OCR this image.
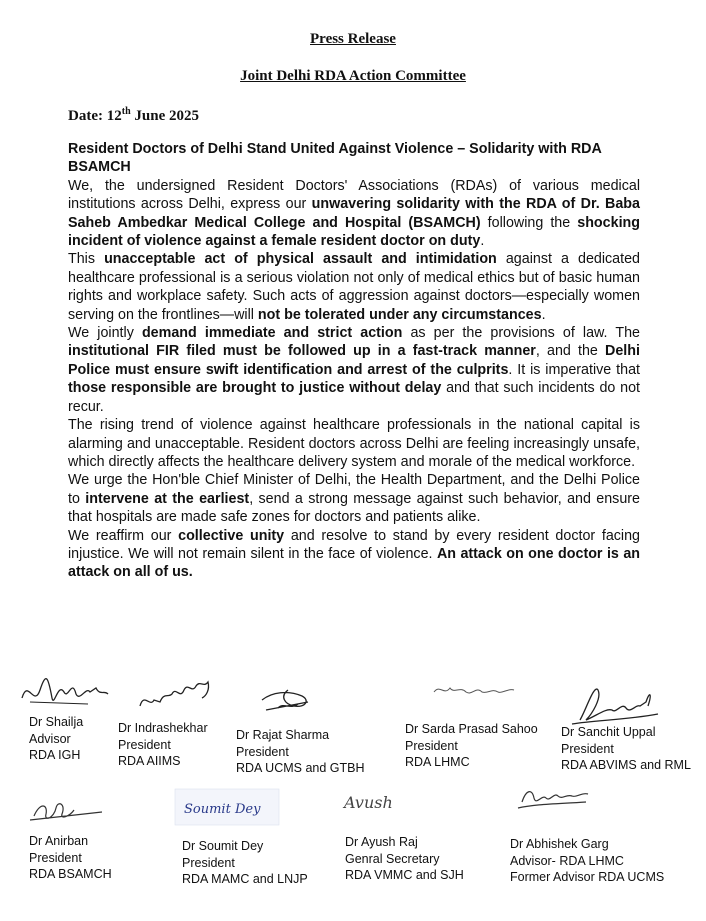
Press Release
Joint Delhi RDA Action Committee
Date: 12th June 2025

Resident Doctors of Delhi Stand United Against Violence – Solidarity with RDA BSAMCH

We, the undersigned Resident Doctors' Associations (RDAs) of various medical institutions across Delhi, express our unwavering solidarity with the RDA of Dr. Baba Saheb Ambedkar Medical College and Hospital (BSAMCH) following the shocking incident of violence against a female resident doctor on duty.

This unacceptable act of physical assault and intimidation against a dedicated healthcare professional is a serious violation not only of medical ethics but of basic human rights and workplace safety. Such acts of aggression against doctors—especially women serving on the frontlines—will not be tolerated under any circumstances.

We jointly demand immediate and strict action as per the provisions of law. The institutional FIR filed must be followed up in a fast-track manner, and the Delhi Police must ensure swift identification and arrest of the culprits. It is imperative that those responsible are brought to justice without delay and that such incidents do not recur.

The rising trend of violence against healthcare professionals in the national capital is alarming and unacceptable. Resident doctors across Delhi are feeling increasingly unsafe, which directly affects the healthcare delivery system and morale of the medical workforce.

We urge the Hon'ble Chief Minister of Delhi, the Health Department, and the Delhi Police to intervene at the earliest, send a strong message against such behavior, and ensure that hospitals are made safe zones for doctors and patients alike.

We reaffirm our collective unity and resolve to stand by every resident doctor facing injustice. We will not remain silent in the face of violence. An attack on one doctor is an attack on all of us.

Soumit Dey	Avush
Dr Shailja
Advisor
RDA IGH
Dr Indrashekhar
President
RDA AIIMS
Dr Rajat Sharma
President
RDA UCMS and GTBH
Dr Sarda Prasad Sahoo
President
RDA LHMC
Dr Sanchit Uppal
President
RDA ABVIMS and RML
Dr Anirban
President
RDA BSAMCH
Dr Soumit Dey
President
RDA MAMC and LNJP
Dr Ayush Raj
Genral Secretary
RDA VMMC and SJH
Dr Abhishek Garg
Advisor- RDA LHMC
Former Advisor RDA UCMS
